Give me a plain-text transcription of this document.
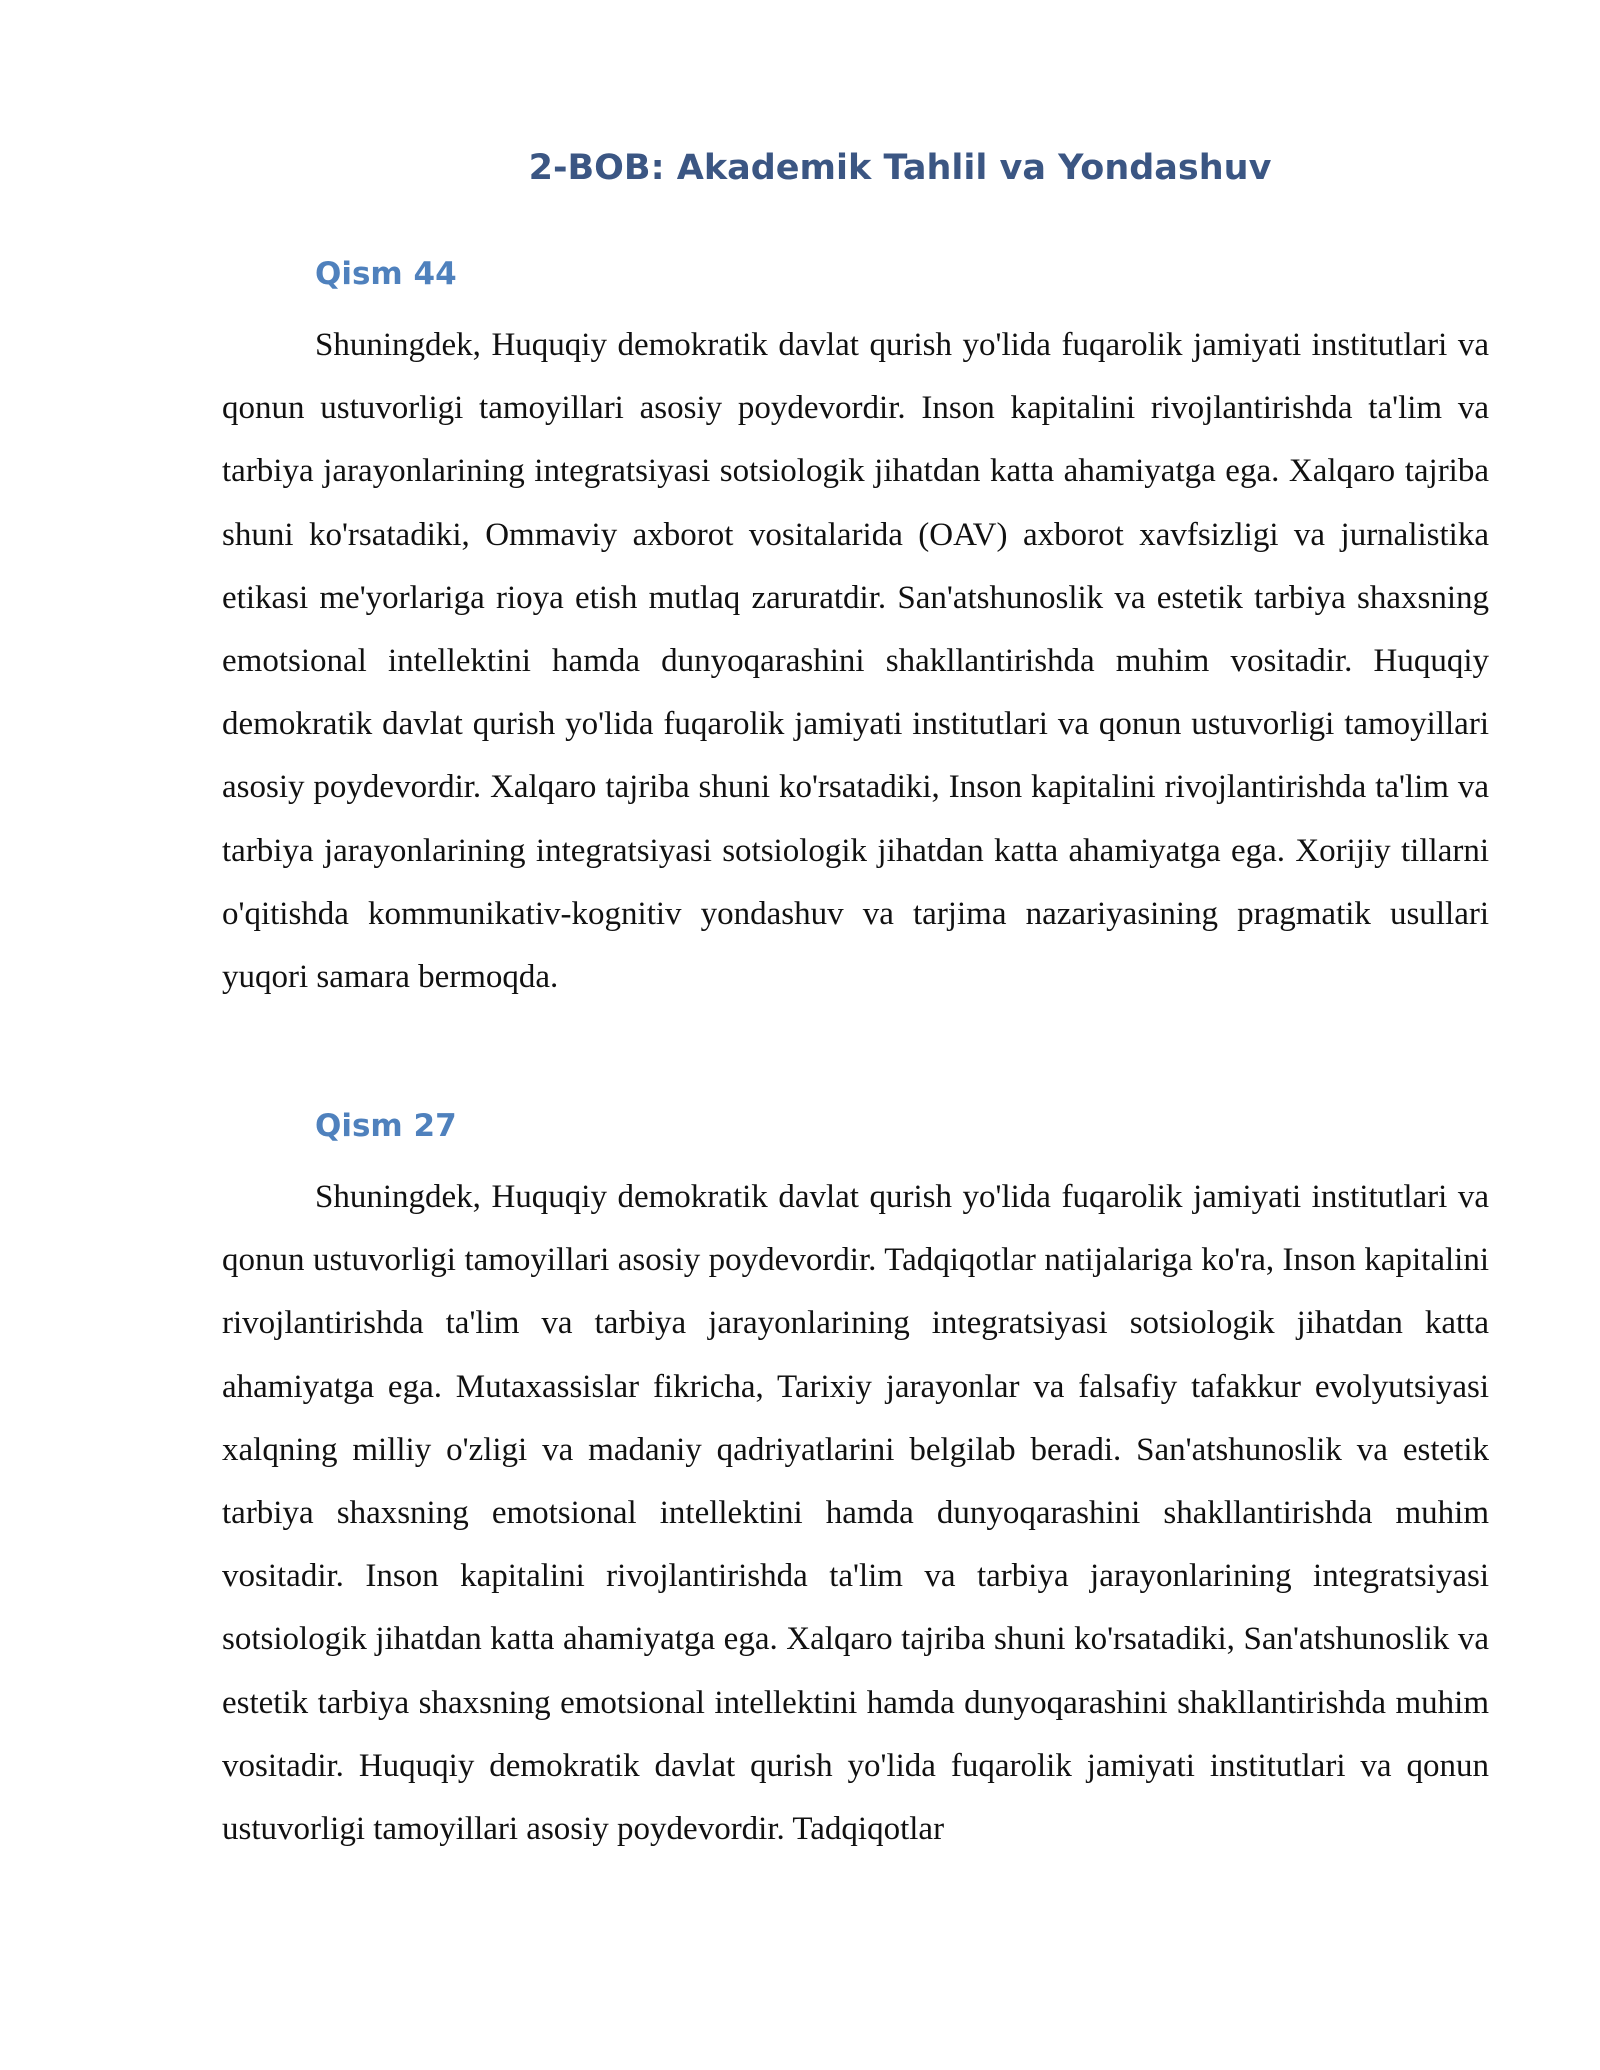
2-BOB: Akademik Tahlil va Yondashuv
Qism 44

Shuningdek, Huquqiy demokratik davlat qurish yo'lida fuqarolik jamiyati institutlari va qonun ustuvorligi tamoyillari asosiy poydevordir. Inson kapitalini rivojlantirishda ta'lim va tarbiya jarayonlarining integratsiyasi sotsiologik jihatdan katta ahamiyatga ega. Xalqaro tajriba shuni ko'rsatadiki, Ommaviy axborot vositalarida (OAV) axborot xavfsizligi va jurnalistika etikasi me'yorlariga rioya etish mutlaq zaruratdir. San'atshunoslik va estetik tarbiya shaxsning emotsional intellektini hamda dunyoqarashini shakllantirishda muhim vositadir. Huquqiy demokratik davlat qurish yo'lida fuqarolik jamiyati institutlari va qonun ustuvorligi tamoyillari asosiy poydevordir. Xalqaro tajriba shuni ko'rsatadiki, Inson kapitalini rivojlantirishda ta'lim va tarbiya jarayonlarining integratsiyasi sotsiologik jihatdan katta ahamiyatga ega. Xorijiy tillarni o'qitishda kommunikativ-kognitiv yondashuv va tarjima nazariyasining pragmatik usullari yuqori samara bermoqda.

Qism 27

Shuningdek, Huquqiy demokratik davlat qurish yo'lida fuqarolik jamiyati institutlari va qonun ustuvorligi tamoyillari asosiy poydevordir. Tadqiqotlar natijalariga ko'ra, Inson kapitalini rivojlantirishda ta'lim va tarbiya jarayonlarining integratsiyasi sotsiologik jihatdan katta ahamiyatga ega. Mutaxassislar fikricha, Tarixiy jarayonlar va falsafiy tafakkur evolyutsiyasi xalqning milliy o'zligi va madaniy qadriyatlarini belgilab beradi. San'atshunoslik va estetik tarbiya shaxsning emotsional intellektini hamda dunyoqarashini shakllantirishda muhim vositadir. Inson kapitalini rivojlantirishda ta'lim va tarbiya jarayonlarining integratsiyasi sotsiologik jihatdan katta ahamiyatga ega. Xalqaro tajriba shuni ko'rsatadiki, San'atshunoslik va estetik tarbiya shaxsning emotsional intellektini hamda dunyoqarashini shakllantirishda muhim vositadir. Huquqiy demokratik davlat qurish yo'lida fuqarolik jamiyati institutlari va qonun ustuvorligi tamoyillari asosiy poydevordir. Tadqiqotlar
